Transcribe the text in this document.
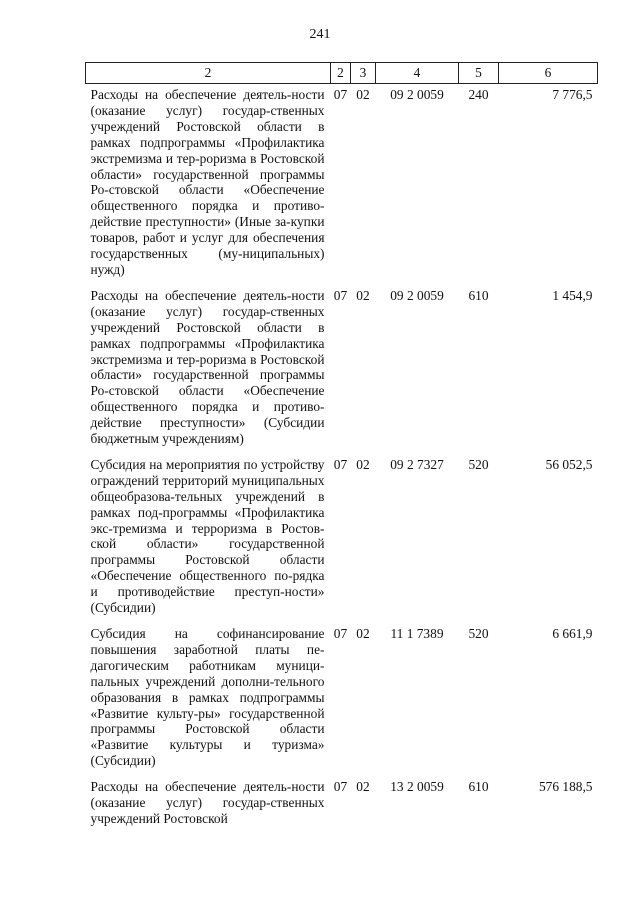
241
2	2	3	4	5	6
Расходы на обеспечение деятель-ности (оказание услуг) государ-ственных учреждений Ростовской области в рамках подпрограммы «Профилактика экстремизма и тер-роризма в Ростовской области» государственной программы Ро-стовской области «Обеспечение общественного порядка и противо-действие преступности» (Иные за-купки товаров, работ и услуг для обеспечения государственных (му-ниципальных) нужд)	07	02	09 2 0059	240	7 776,5
Расходы на обеспечение деятель-ности (оказание услуг) государ-ственных учреждений Ростовской области в рамках подпрограммы «Профилактика экстремизма и тер-роризма в Ростовской области» государственной программы Ро-стовской области «Обеспечение общественного порядка и противо-действие преступности» (Субсидии бюджетным учреждениям)	07	02	09 2 0059	610	1 454,9
Субсидия на мероприятия по устройству ограждений территорий муниципальных общеобразова-тельных учреждений в рамках под-программы «Профилактика экс-тремизма и терроризма в Ростов-ской области» государственной программы Ростовской области «Обеспечение общественного по-рядка и противодействие преступ-ности» (Субсидии)	07	02	09 2 7327	520	56 052,5
Субсидия на софинансирование повышения заработной платы пе-дагогическим работникам муници-пальных учреждений дополни-тельного образования в рамках подпрограммы «Развитие культу-ры» государственной программы Ростовской области «Развитие культуры и туризма» (Субсидии)	07	02	11 1 7389	520	6 661,9
Расходы на обеспечение деятель-ности (оказание услуг) государ-ственных учреждений Ростовской	07	02	13 2 0059	610	576 188,5
